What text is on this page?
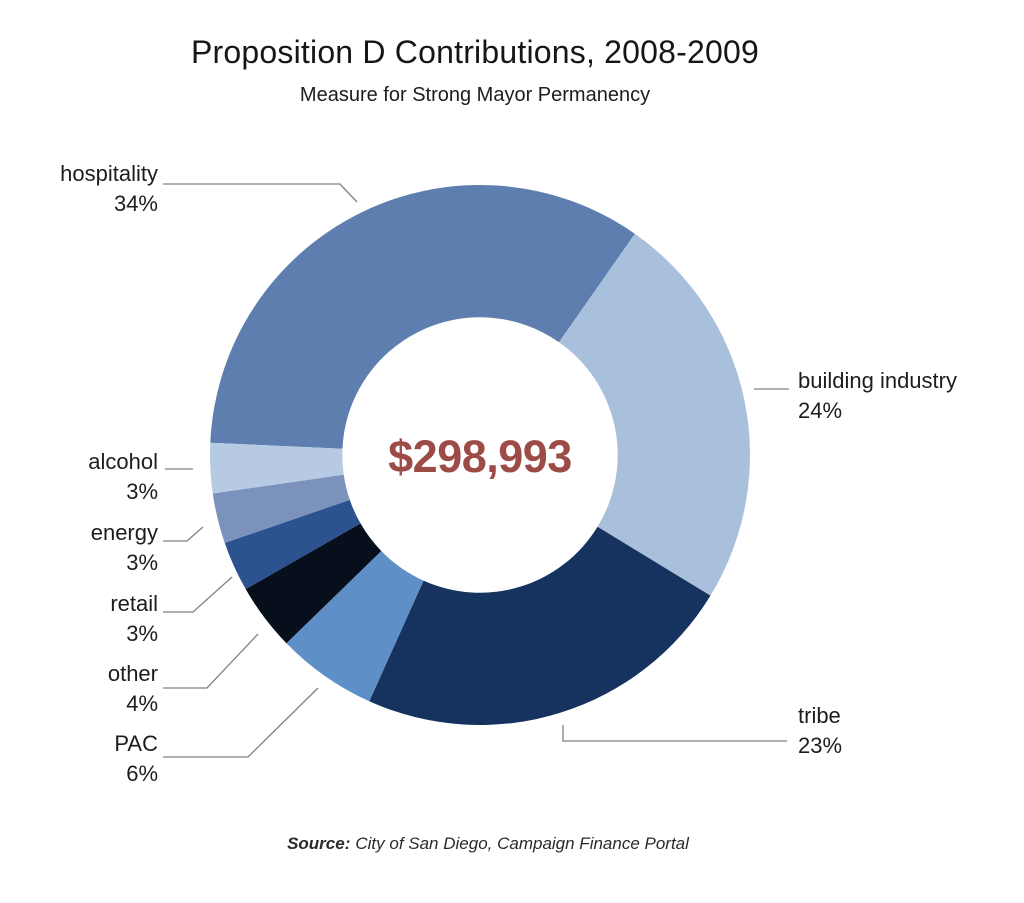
Proposition D Contributions, 2008-2009
Measure for Strong Mayor Permanency
$298,993
hospitality
34%
building industry
24%
tribe
23%
PAC
6%
other
4%
retail
3%
energy
3%
alcohol
3%
Source: City of San Diego, Campaign Finance Portal
